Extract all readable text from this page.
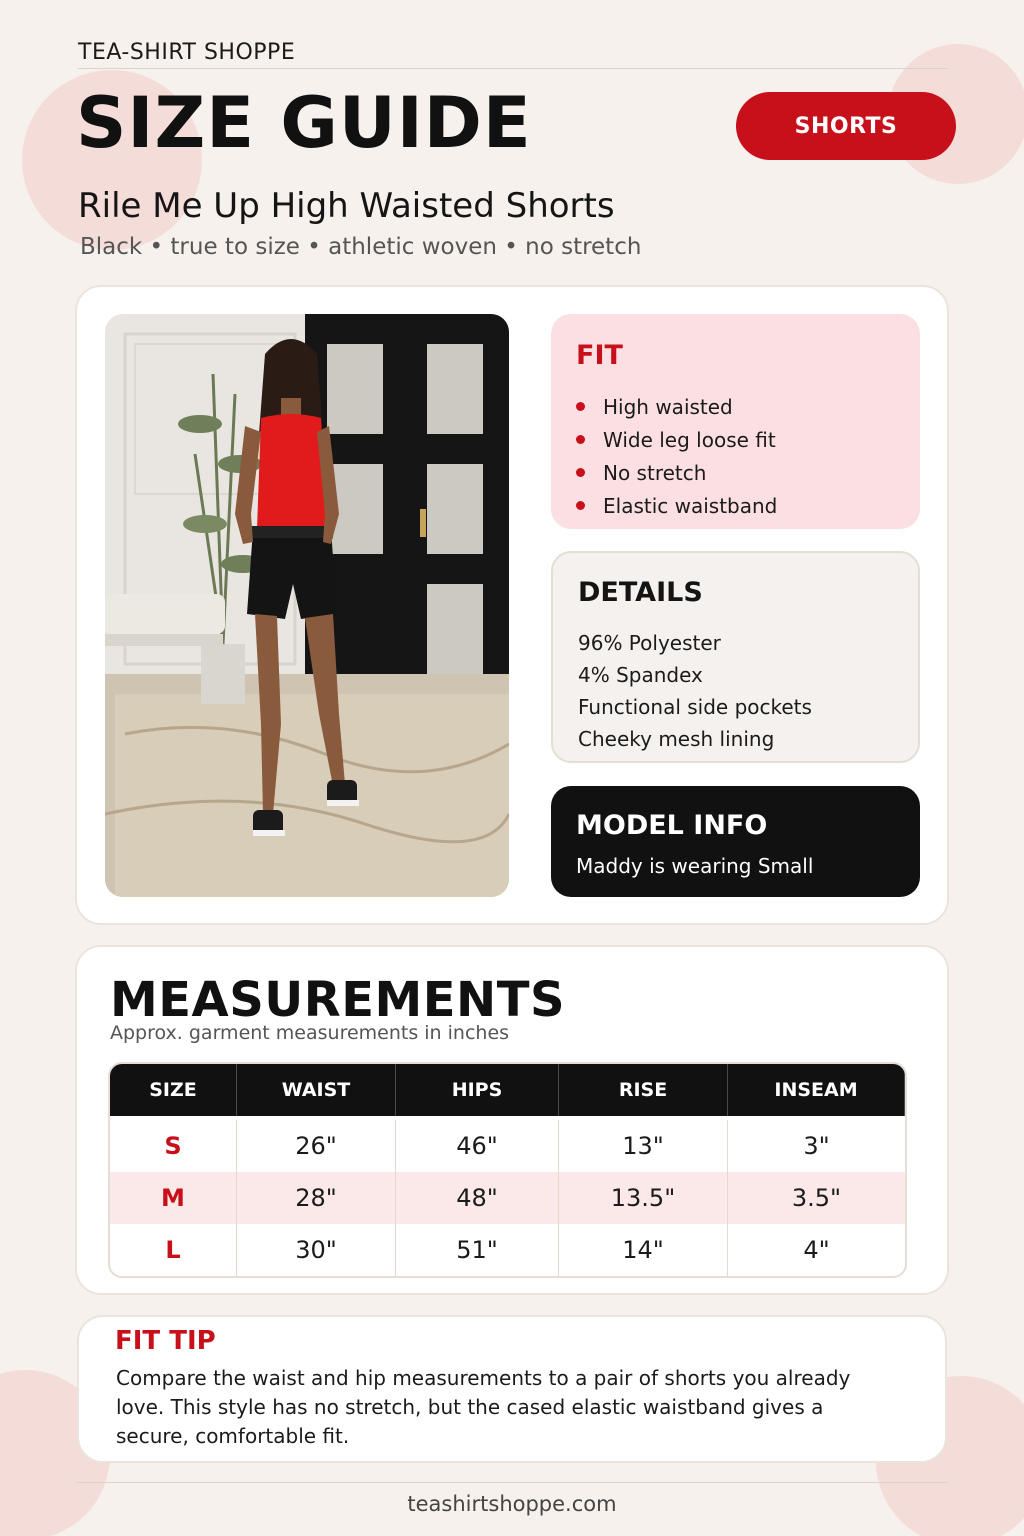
TEA-SHIRT SHOPPE
SIZE GUIDE	SHORTS
Rile Me Up High Waisted Shorts
Black • true to size • athletic woven • no stretch
FIT
High waisted
Wide leg loose fit
No stretch
Elastic waistband
DETAILS
96% Polyester
4% Spandex
Functional side pockets
Cheeky mesh lining
MODEL INFO
Maddy is wearing Small
MEASUREMENTS
Approx. garment measurements in inches
SIZE	WAIST	HIPS	RISE	INSEAM
S	26"	46"	13"	3"
M	28"	48"	13.5"	3.5"
L	30"	51"	14"	4"
FIT TIP
Compare the waist and hip measurements to a pair of shorts you already love. This style has no stretch, but the cased elastic waistband gives a secure, comfortable fit.
teashirtshoppe.com
